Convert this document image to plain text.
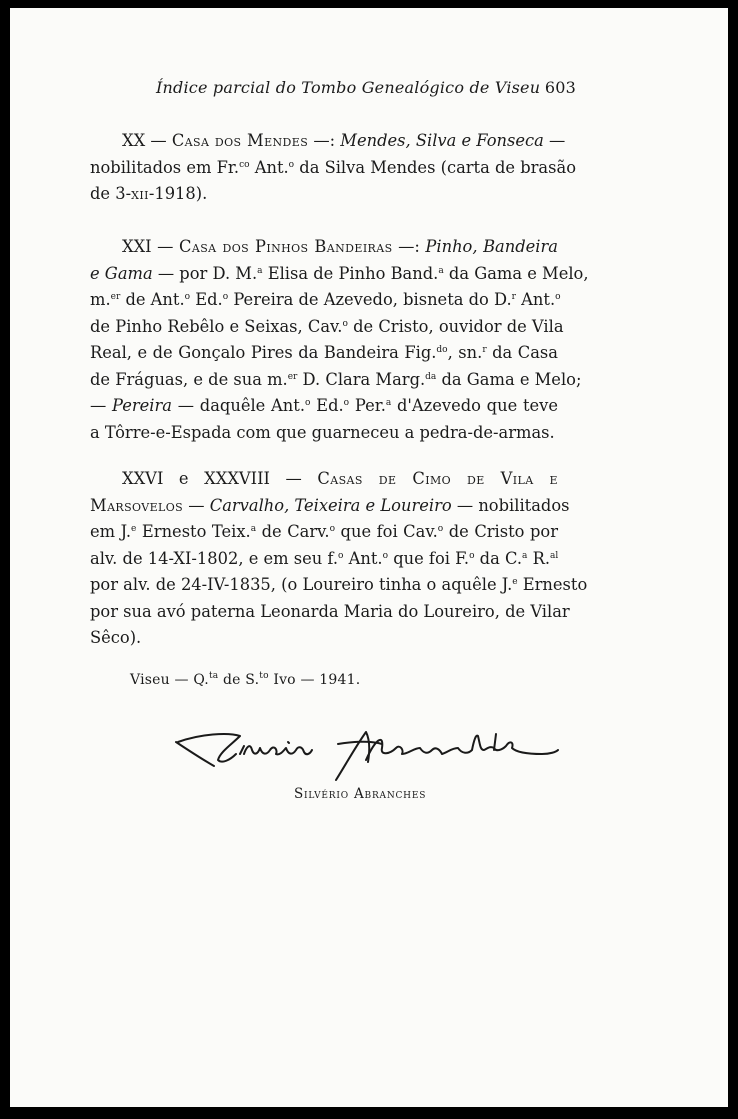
Índice parcial do Tombo Genealógico de Viseu 603
XX — Casa dos Mendes —: Mendes, Silva e Fonseca —
nobilitados em Fr.$^{co}$ Ant.$^o$ da Silva Mendes (carta de brasão
de 3-xii-1918).
XXI — Casa dos Pinhos Bandeiras —: Pinho, Bandeira
e Gama — por D. M.$^a$ Elisa de Pinho Band.$^a$ da Gama e Melo,
m.$^{er}$ de Ant.$^o$ Ed.$^o$ Pereira de Azevedo, bisneta do D.$^r$ Ant.$^o$
de Pinho Rebêlo e Seixas, Cav.$^o$ de Cristo, ouvidor de Vila
Real, e de Gonçalo Pires da Bandeira Fig.$^{do}$, sn.$^r$ da Casa
de Fráguas, e de sua m.$^{er}$ D. Clara Marg.$^{da}$ da Gama e Melo;
— Pereira — daquêle Ant.$^o$ Ed.$^o$ Per.$^a$ d'Azevedo que teve
a Tôrre-e-Espada com que guarneceu a pedra-de-armas.
XXVI e XXXVIII — Casas de Cimo de Vila e
Marsovelos — Carvalho, Teixeira e Loureiro — nobilitados
em J.$^e$ Ernesto Teix.$^a$ de Carv.$^o$ que foi Cav.$^o$ de Cristo por
alv. de 14-XI-1802, e em seu f.$^o$ Ant.$^o$ que foi F.$^o$ da C.$^a$ R.$^{al}$
por alv. de 24-IV-1835, (o Loureiro tinha o aquêle J.$^e$ Ernesto
por sua avó paterna Leonarda Maria do Loureiro, de Vilar
Sêco).
Viseu — Q.$^{ta}$ de S.$^{to}$ Ivo — 1941.
Silvério Abranches
